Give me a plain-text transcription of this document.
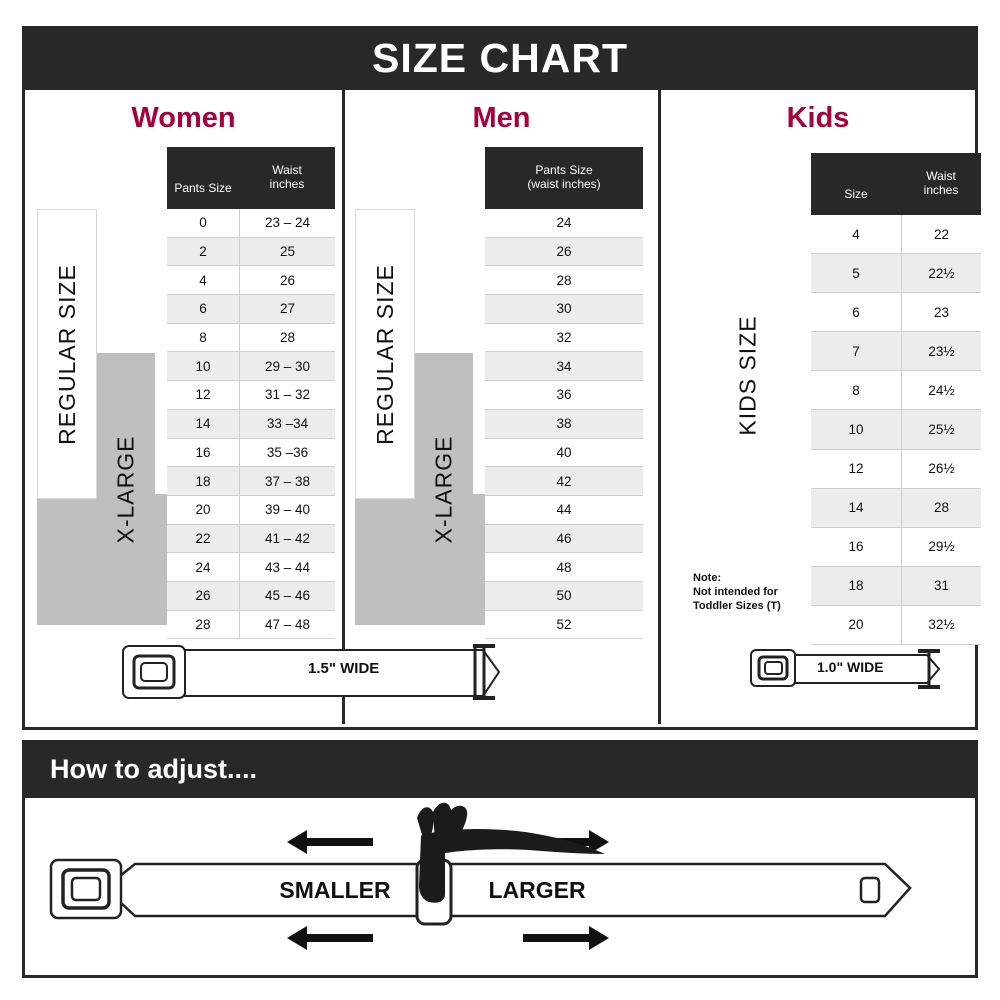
SIZE CHART
Women
Pants Size
Waist
inches
REGULAR SIZE
X-LARGE
0	23 – 24
2	25
4	26
6	27
8	28
10	29 – 30
12	31 – 32
14	33 –34
16	35 –36
18	37 – 38
20	39 – 40
22	41 – 42
24	43 – 44
26	45 – 46
28	47 – 48
Men
Pants Size
(waist inches)
REGULAR SIZE
X-LARGE
24
26
28
30
32
34
36
38
40
42
44
46
48
50
52
Kids
Size
Waist
inches
KIDS SIZE
4	22
5	22½
6	23
7	23½
8	24½
10	25½
12	26½
14	28
16	29½
18	31
20	32½
Note:
Not intended for
Toddler Sizes (T)
1.5" WIDE	1.0" WIDE
How to adjust....
SMALLER	LARGER
